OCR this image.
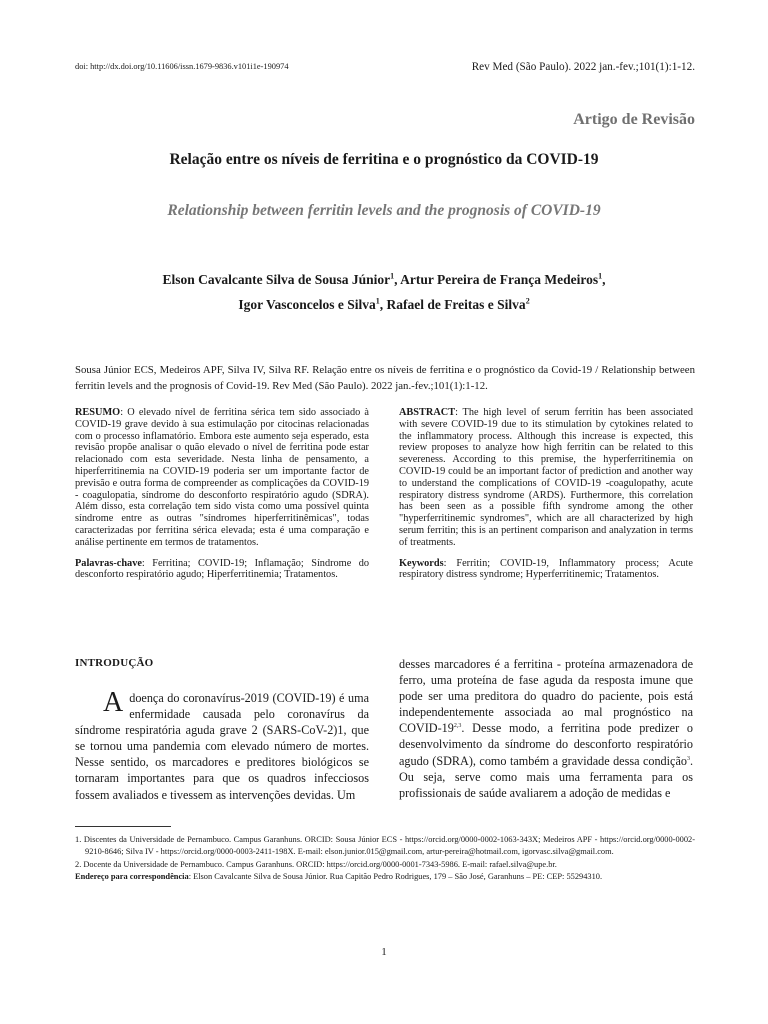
doi: http://dx.doi.org/10.11606/issn.1679-9836.v101i1e-190974	Rev Med (São Paulo). 2022 jan.-fev.;101(1):1-12.
Artigo de Revisão
Relação entre os níveis de ferritina e o prognóstico da COVID-19
Relationship between ferritin levels and the prognosis of COVID-19
Elson Cavalcante Silva de Sousa Júnior$^1$, Artur Pereira de França Medeiros$^1$,
Igor Vasconcelos e Silva$^1$, Rafael de Freitas e Silva$^2$

Sousa Júnior ECS, Medeiros APF, Silva IV, Silva RF. Relação entre os níveis de ferritina e o prognóstico da Covid-19 / Relationship between ferritin levels and the prognosis of Covid-19. Rev Med (São Paulo). 2022 jan.-fev.;101(1):1-12.

RESUMO: O elevado nível de ferritina sérica tem sido associado à COVID-19 grave devido à sua estimulação por citocinas relacionadas com o processo inflamatório. Embora este aumento seja esperado, esta revisão propõe analisar o quão elevado o nível de ferritina pode estar relacionado com esta severidade. Nesta linha de pensamento, a hiperferritinemia na COVID-19 poderia ser um importante factor de previsão e outra forma de compreender as complicações da COVID-19 - coagulopatia, síndrome do desconforto respiratório agudo (SDRA). Além disso, esta correlação tem sido vista como uma possível quinta síndrome entre as outras "síndromes hiperferritinêmicas", todas caracterizadas por ferritina sérica elevada; esta é uma comparação e análise pertinente em termos de tratamentos.

Palavras-chave: Ferritina; COVID-19; Inflamação; Síndrome do desconforto respiratório agudo; Hiperferritinemia; Tratamentos.

ABSTRACT: The high level of serum ferritin has been associated with severe COVID-19 due to its stimulation by cytokines related to the inflammatory process. Although this increase is expected, this review proposes to analyze how high ferritin can be related to this severeness. According to this premise, the hyperferritinemia on COVID-19 could be an important factor of prediction and another way to understand the complications of COVID-19 -coagulopathy, acute respiratory distress syndrome (ARDS). Furthermore, this correlation has been seen as a possible fifth syndrome among the other "hyperferritinemic syndromes", which are all characterized by high serum ferritin; this is an pertinent comparison and analyzation in terms of treatments.

Keywords: Ferritin; COVID-19, Inflammatory process; Acute respiratory distress syndrome; Hyperferritinemic; Tratamentos.

INTRODUÇÃO

Adoença do coronavírus-2019 (COVID-19) é uma enfermidade causada pelo coronavírus da síndrome respiratória aguda grave 2 (SARS-CoV-2)1, que se tornou uma pandemia com elevado número de mortes. Nesse sentido, os marcadores e preditores biológicos se tornaram importantes para que os quadros infecciosos fossem avaliados e tivessem as intervenções devidas. Um

desses marcadores é a ferritina - proteína armazenadora de ferro, uma proteína de fase aguda da resposta imune que pode ser uma preditora do quadro do paciente, pois está independentemente associada ao mal prognóstico na COVID-19$^{2,3}$. Desse modo, a ferritina pode predizer o desenvolvimento da síndrome do desconforto respiratório agudo (SDRA), como também a gravidade dessa condição$^3$. Ou seja, serve como mais uma ferramenta para os profissionais de saúde avaliarem a adoção de medidas e

1. Discentes da Universidade de Pernambuco. Campus Garanhuns. ORCID: Sousa Júnior ECS - https://orcid.org/0000-0002-1063-343X; Medeiros APF - https://orcid.org/0000-0002-9210-8646; Silva IV - https://orcid.org/0000-0003-2411-198X. E-mail: elson.junior.015@gmail.com, artur-pereira@hotmail.com, igorvasc.silva@gmail.com.

2. Docente da Universidade de Pernambuco. Campus Garanhuns. ORCID: https://orcid.org/0000-0001-7343-5986. E-mail: rafael.silva@upe.br.

Endereço para correspondência: Elson Cavalcante Silva de Sousa Júnior. Rua Capitão Pedro Rodrigues, 179 – São José, Garanhuns – PE: CEP: 55294310.

1
